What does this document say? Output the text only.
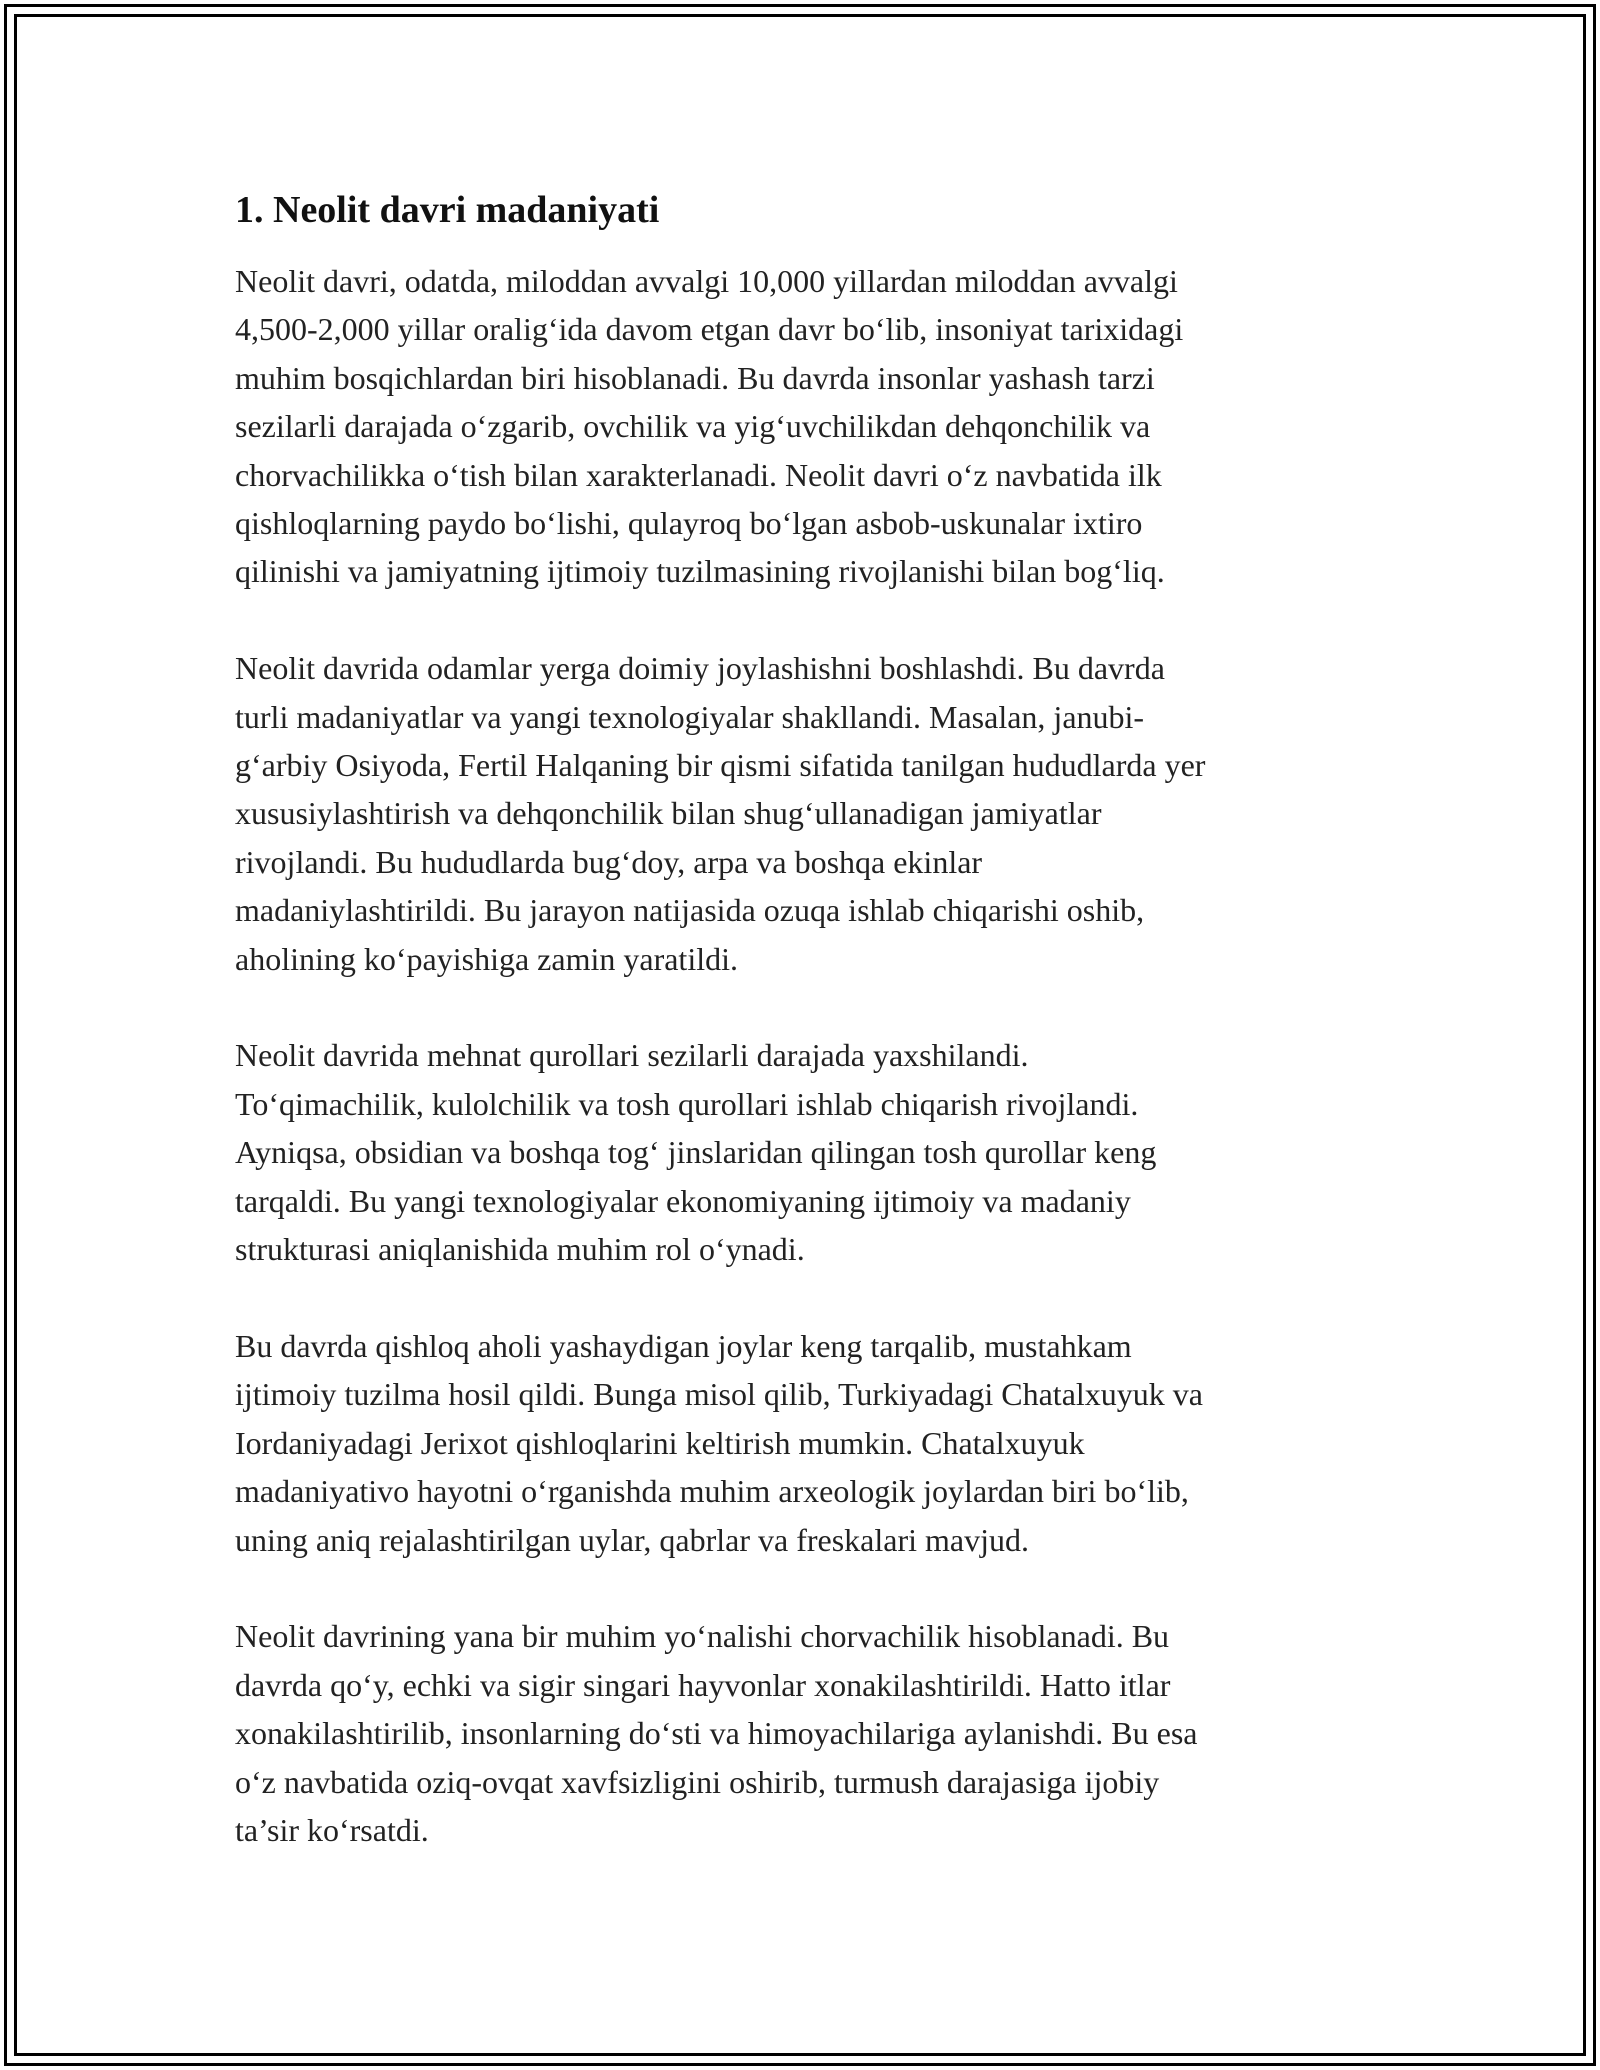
1. Neolit davri madaniyati

Neolit davri, odatda, miloddan avvalgi 10,000 yillardan miloddan avvalgi
4,500-2,000 yillar oralig‘ida davom etgan davr bo‘lib, insoniyat tarixidagi
muhim bosqichlardan biri hisoblanadi. Bu davrda insonlar yashash tarzi
sezilarli darajada o‘zgarib, ovchilik va yig‘uvchilikdan dehqonchilik va
chorvachilikka o‘tish bilan xarakterlanadi. Neolit davri o‘z navbatida ilk
qishloqlarning paydo bo‘lishi, qulayroq bo‘lgan asbob-uskunalar ixtiro
qilinishi va jamiyatning ijtimoiy tuzilmasining rivojlanishi bilan bog‘liq.

Neolit davrida odamlar yerga doimiy joylashishni boshlashdi. Bu davrda
turli madaniyatlar va yangi texnologiyalar shakllandi. Masalan, janubi-
g‘arbiy Osiyoda, Fertil Halqaning bir qismi sifatida tanilgan hududlarda yer
xususiylashtirish va dehqonchilik bilan shug‘ullanadigan jamiyatlar
rivojlandi. Bu hududlarda bug‘doy, arpa va boshqa ekinlar
madaniylashtirildi. Bu jarayon natijasida ozuqa ishlab chiqarishi oshib,
aholining ko‘payishiga zamin yaratildi.

Neolit davrida mehnat qurollari sezilarli darajada yaxshilandi.
To‘qimachilik, kulolchilik va tosh qurollari ishlab chiqarish rivojlandi.
Ayniqsa, obsidian va boshqa tog‘ jinslaridan qilingan tosh qurollar keng
tarqaldi. Bu yangi texnologiyalar ekonomiyaning ijtimoiy va madaniy
strukturasi aniqlanishida muhim rol o‘ynadi.

Bu davrda qishloq aholi yashaydigan joylar keng tarqalib, mustahkam
ijtimoiy tuzilma hosil qildi. Bunga misol qilib, Turkiyadagi Chatalxuyuk va
Iordaniyadagi Jerixot qishloqlarini keltirish mumkin. Chatalxuyuk
madaniyativo hayotni o‘rganishda muhim arxeologik joylardan biri bo‘lib,
uning aniq rejalashtirilgan uylar, qabrlar va freskalari mavjud.

Neolit davrining yana bir muhim yo‘nalishi chorvachilik hisoblanadi. Bu
davrda qo‘y, echki va sigir singari hayvonlar xonakilashtirildi. Hatto itlar
xonakilashtirilib, insonlarning do‘sti va himoyachilariga aylanishdi. Bu esa
o‘z navbatida oziq-ovqat xavfsizligini oshirib, turmush darajasiga ijobiy
ta’sir ko‘rsatdi.
